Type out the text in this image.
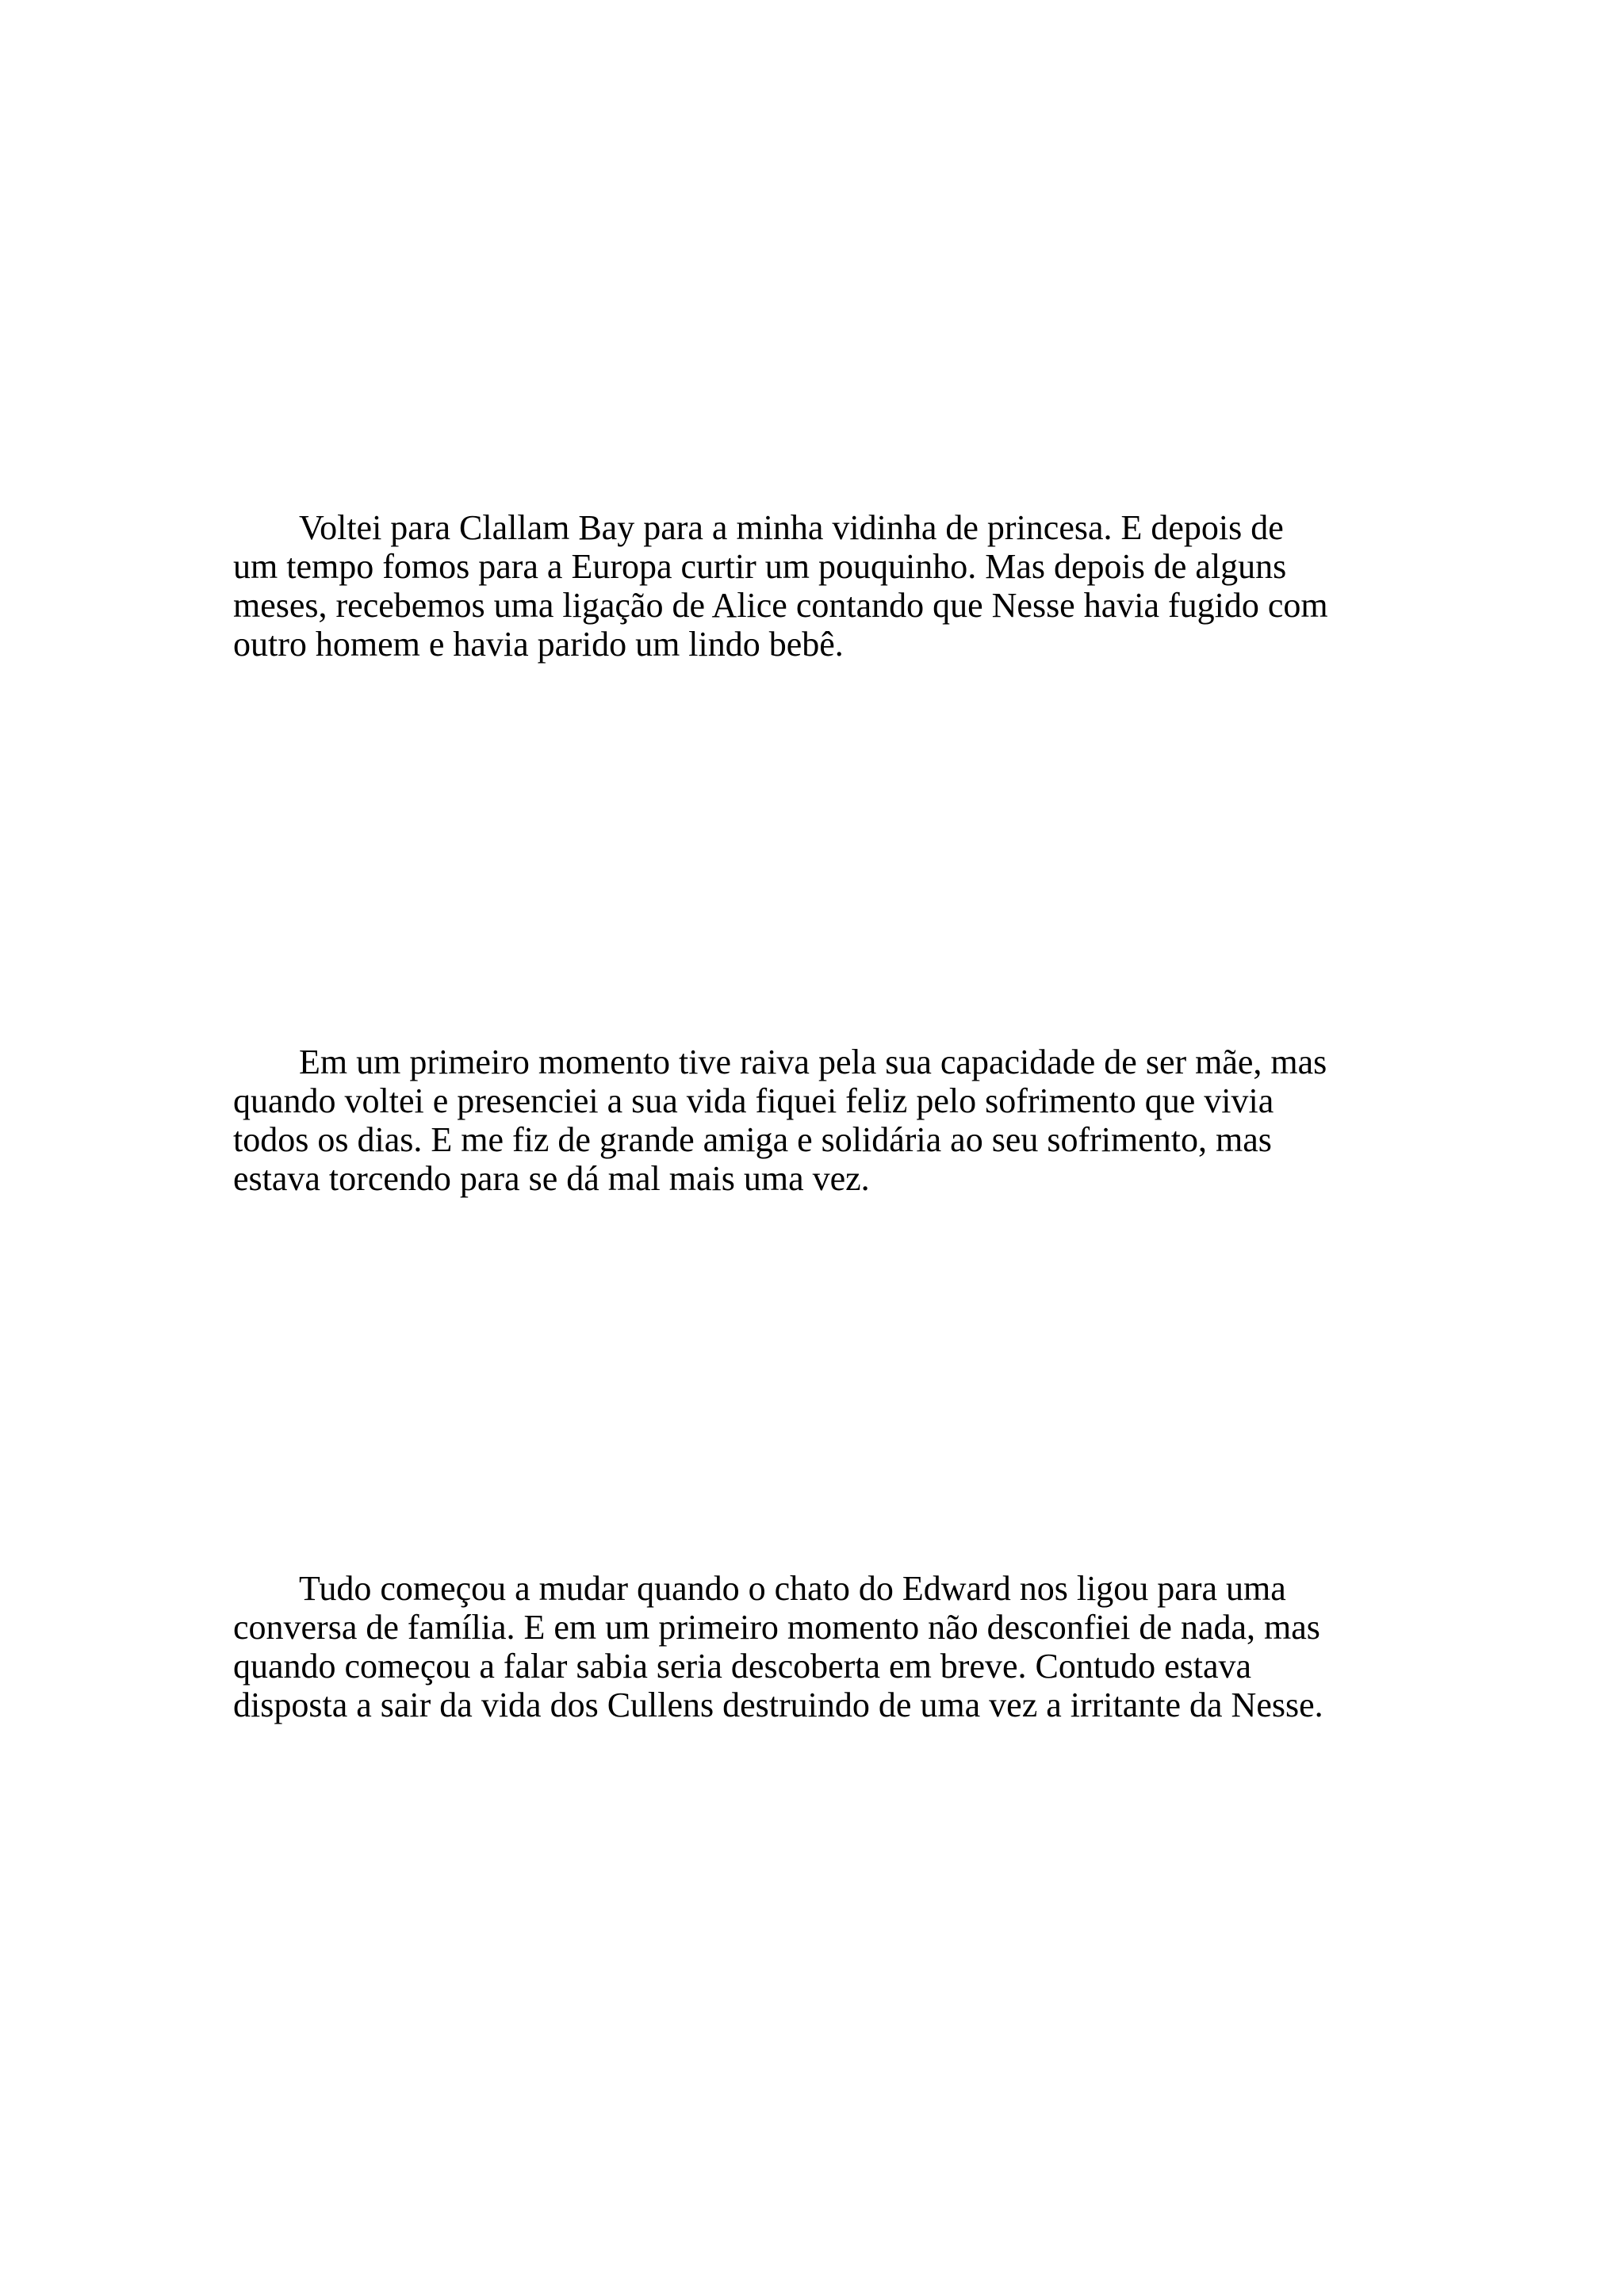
Voltei para Clallam Bay para a minha vidinha de princesa. E depois de
um tempo fomos para a Europa curtir um pouquinho. Mas depois de alguns
meses, recebemos uma ligação de Alice contando que Nesse havia fugido com
outro homem e havia parido um lindo bebê.

Em um primeiro momento tive raiva pela sua capacidade de ser mãe, mas
quando voltei e presenciei a sua vida fiquei feliz pelo sofrimento que vivia
todos os dias. E me fiz de grande amiga e solidária ao seu sofrimento, mas
estava torcendo para se dá mal mais uma vez.

Tudo começou a mudar quando o chato do Edward nos ligou para uma
conversa de família. E em um primeiro momento não desconfiei de nada, mas
quando começou a falar sabia seria descoberta em breve. Contudo estava
disposta a sair da vida dos Cullens destruindo de uma vez a irritante da Nesse.
